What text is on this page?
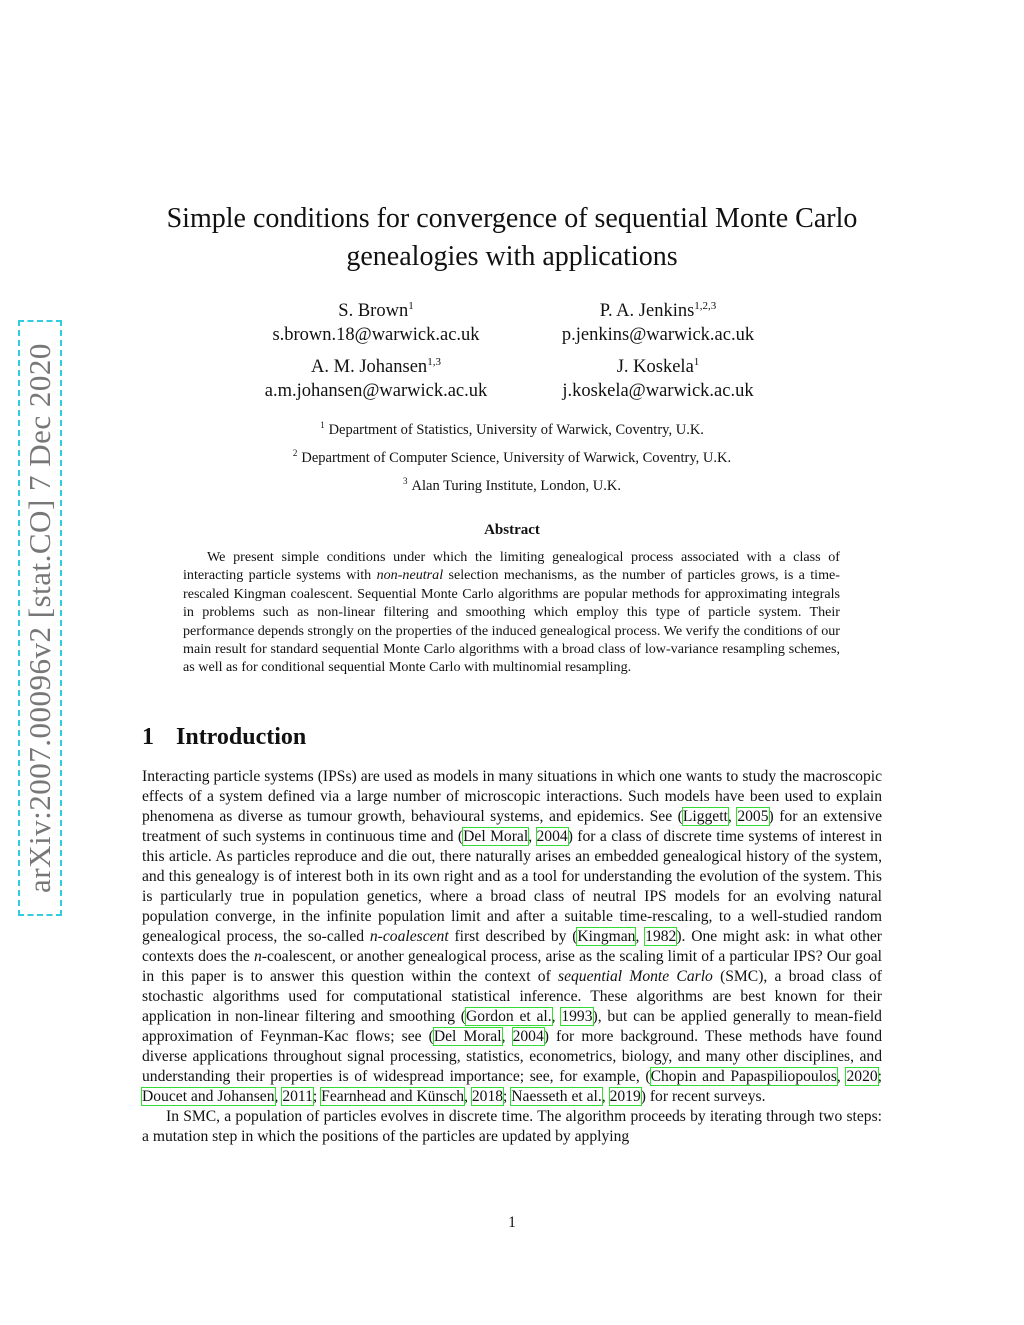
arXiv:2007.00096v2 [stat.CO] 7 Dec 2020
Simple conditions for convergence of sequential Monte Carlo genealogies with applications
S. Brown$^1$
s.brown.18@warwick.ac.uk
P. A. Jenkins$^{1,2,3}$
p.jenkins@warwick.ac.uk
A. M. Johansen$^{1,3}$
a.m.johansen@warwick.ac.uk
J. Koskela$^1$
j.koskela@warwick.ac.uk
$^1$ Department of Statistics, University of Warwick, Coventry, U.K.
$^2$ Department of Computer Science, University of Warwick, Coventry, U.K.
$^3$ Alan Turing Institute, London, U.K.
Abstract
We present simple conditions under which the limiting genealogical process associated with a class of interacting particle systems with non-neutral selection mechanisms, as the number of particles grows, is a time-rescaled Kingman coalescent. Sequential Monte Carlo algorithms are popular methods for approximating integrals in problems such as non-linear filtering and smoothing which employ this type of particle system. Their performance depends strongly on the properties of the induced genealogical process. We verify the conditions of our main result for standard sequential Monte Carlo algorithms with a broad class of low-variance resampling schemes, as well as for conditional sequential Monte Carlo with multinomial resampling.
1 Introduction

Interacting particle systems (IPSs) are used as models in many situations in which one wants to study the macroscopic effects of a system defined via a large number of microscopic interactions. Such models have been used to explain phenomena as diverse as tumour growth, behavioural systems, and epidemics. See (Liggett, 2005) for an extensive treatment of such systems in continuous time and (Del Moral, 2004) for a class of discrete time systems of interest in this article. As particles reproduce and die out, there naturally arises an embedded genealogical history of the system, and this genealogy is of interest both in its own right and as a tool for understanding the evolution of the system. This is particularly true in population genetics, where a broad class of neutral IPS models for an evolving natural population converge, in the infinite population limit and after a suitable time-rescaling, to a well-studied random genealogical process, the so-called n-coalescent first described by (Kingman, 1982). One might ask: in what other contexts does the n-coalescent, or another genealogical process, arise as the scaling limit of a particular IPS? Our goal in this paper is to answer this question within the context of sequential Monte Carlo (SMC), a broad class of stochastic algorithms used for computational statistical inference. These algorithms are best known for their application in non-linear filtering and smoothing (Gordon et al., 1993), but can be applied generally to mean-field approximation of Feynman-Kac flows; see (Del Moral, 2004) for more background. These methods have found diverse applications throughout signal processing, statistics, econometrics, biology, and many other disciplines, and understanding their properties is of widespread importance; see, for example, (Chopin and Papaspiliopoulos, 2020; Doucet and Johansen, 2011; Fearnhead and Künsch, 2018; Naesseth et al., 2019) for recent surveys.

In SMC, a population of particles evolves in discrete time. The algorithm proceeds by iterating through two steps: a mutation step in which the positions of the particles are updated by applying

1
